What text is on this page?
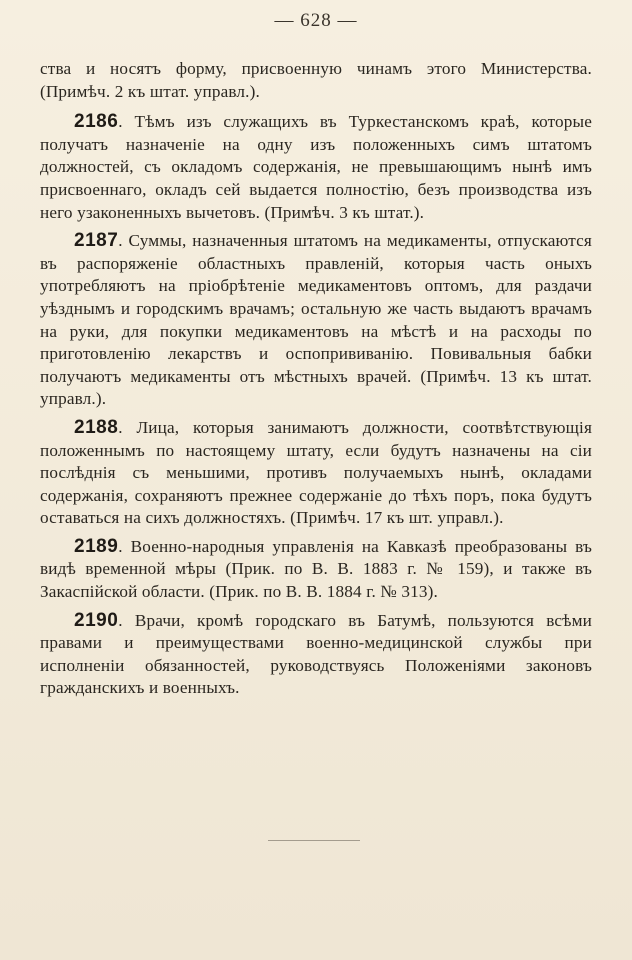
— 628 —

ства и носятъ форму, присвоенную чинамъ этого Министерства. (Примѣч. 2 къ штат. управл.).

2186. Тѣмъ изъ служащихъ въ Туркестанскомъ краѣ, которые получатъ назначеніе на одну изъ положенныхъ симъ штатомъ должностей, съ окладомъ содержанія, не превышающимъ нынѣ имъ присвоеннаго, окладъ сей выдается полностію, безъ производства изъ него узаконенныхъ вычетовъ. (Примѣч. 3 къ штат.).

2187. Суммы, назначенныя штатомъ на медикаменты, отпускаются въ распоряженіе областныхъ правленій, которыя часть оныхъ употребляютъ на пріобрѣтеніе медикаментовъ оптомъ, для раздачи уѣзднымъ и городскимъ врачамъ; остальную же часть выдаютъ врачамъ на руки, для покупки медикаментовъ на мѣстѣ и на расходы по приготовленію лекарствъ и оспопрививанію. Повивальныя бабки получаютъ медикаменты отъ мѣстныхъ врачей. (Примѣч. 13 къ штат. управл.).

2188. Лица, которыя занимаютъ должности, соотвѣтствующія положеннымъ по настоящему штату, если будутъ назначены на сіи послѣднія съ меньшими, противъ получаемыхъ нынѣ, окладами содержанія, сохраняютъ прежнее содержаніе до тѣхъ поръ, пока будутъ оставаться на сихъ должностяхъ. (Примѣч. 17 къ шт. управл.).

2189. Военно-народныя управленія на Кавказѣ преобразованы въ видѣ временной мѣры (Прик. по В. В. 1883 г. № 159), и также въ Закаспійской области. (Прик. по В. В. 1884 г. № 313).

2190. Врачи, кромѣ городскаго въ Батумѣ, пользуются всѣми правами и преимуществами военно-медицинской службы при исполненіи обязанностей, руководствуясь Положеніями законовъ гражданскихъ и военныхъ.
